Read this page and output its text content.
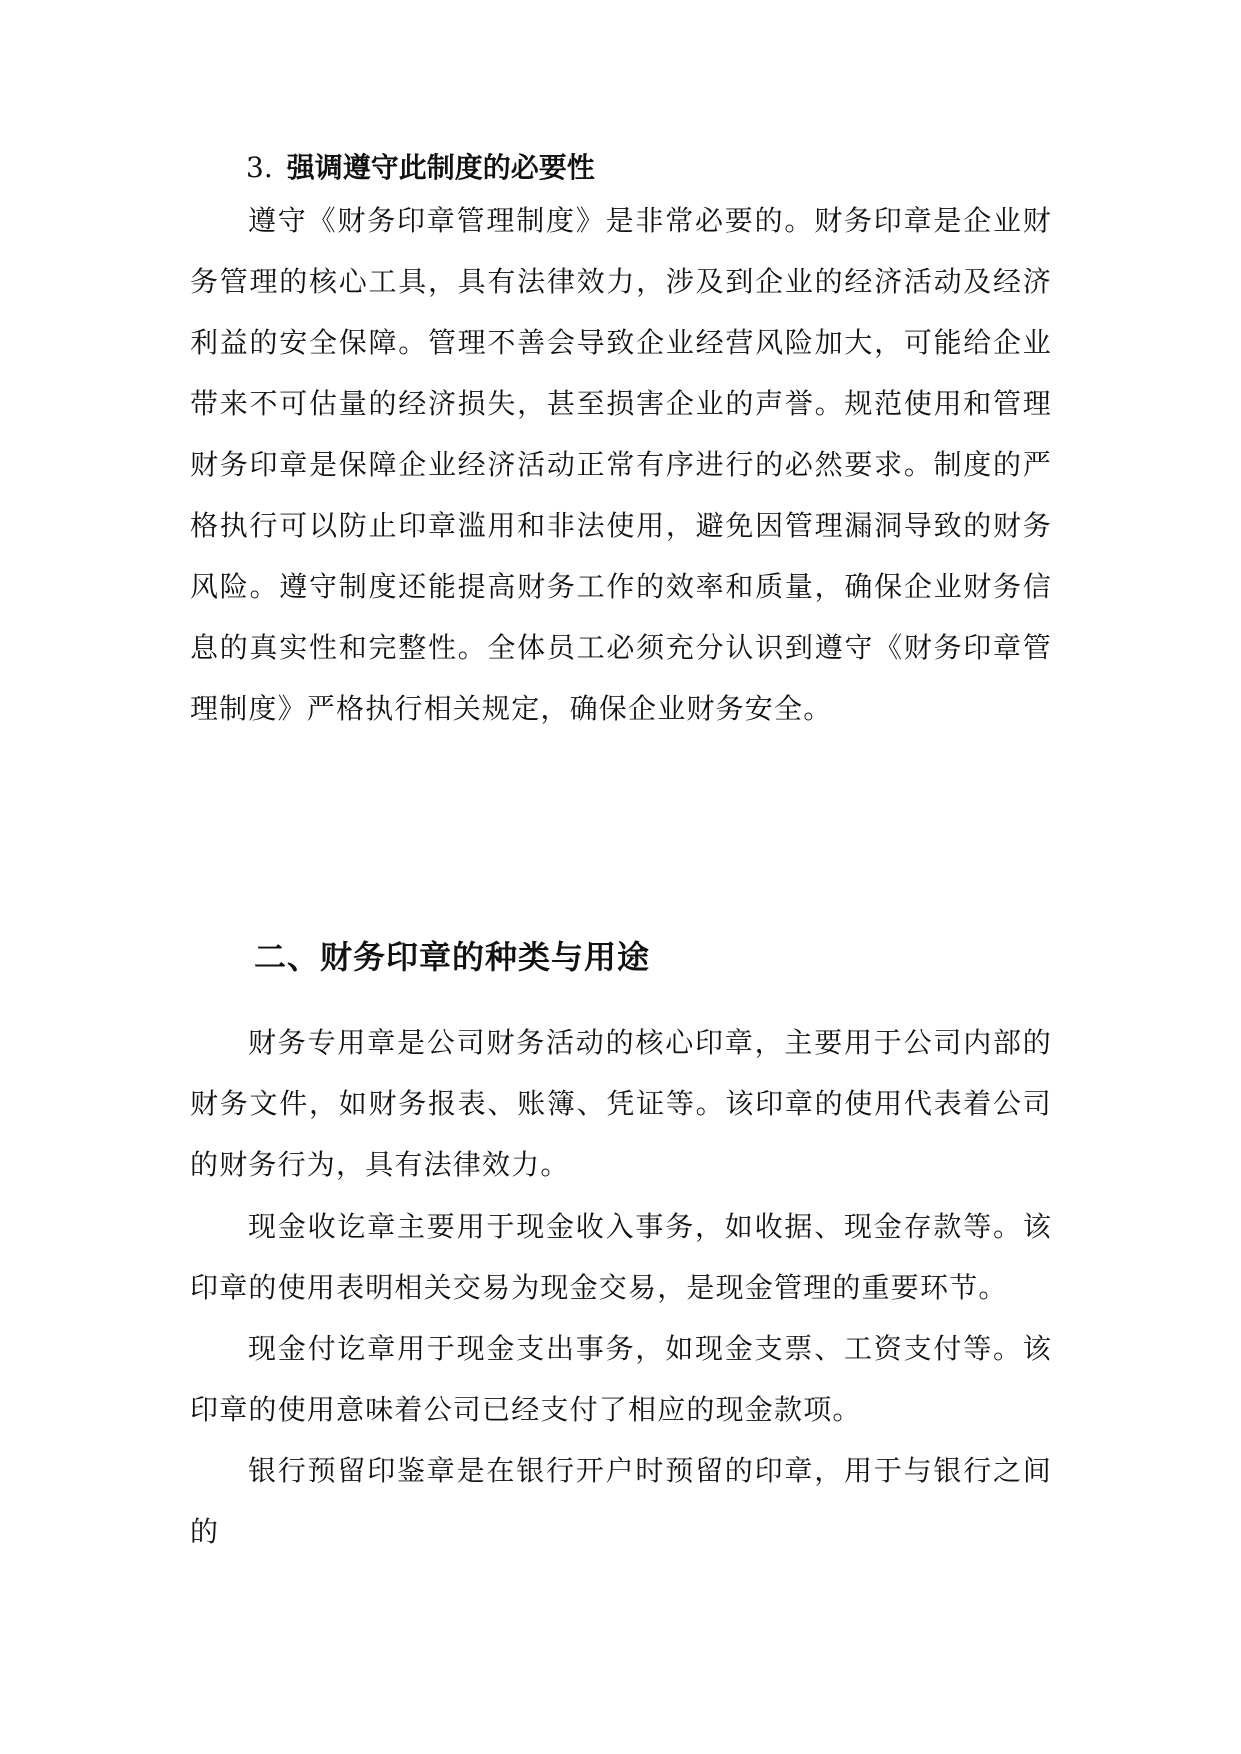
3. 强调遵守此制度的必要性

遵守《财务印章管理制度》是非常必要的。财务印章是企业财务管理的核心工具，具有法律效力，涉及到企业的经济活动及经济利益的安全保障。管理不善会导致企业经营风险加大，可能给企业带来不可估量的经济损失，甚至损害企业的声誉。规范使用和管理财务印章是保障企业经济活动正常有序进行的必然要求。制度的严格执行可以防止印章滥用和非法使用，避免因管理漏洞导致的财务风险。遵守制度还能提高财务工作的效率和质量，确保企业财务信息的真实性和完整性。全体员工必须充分认识到遵守《财务印章管理制度》严格执行相关规定，确保企业财务安全。

二、财务印章的种类与用途

财务专用章是公司财务活动的核心印章，主要用于公司内部的财务文件，如财务报表、账簿、凭证等。该印章的使用代表着公司的财务行为，具有法律效力。

现金收讫章主要用于现金收入事务，如收据、现金存款等。该印章的使用表明相关交易为现金交易，是现金管理的重要环节。

现金付讫章用于现金支出事务，如现金支票、工资支付等。该印章的使用意味着公司已经支付了相应的现金款项。

银行预留印鉴章是在银行开户时预留的印章，用于与银行之间的
